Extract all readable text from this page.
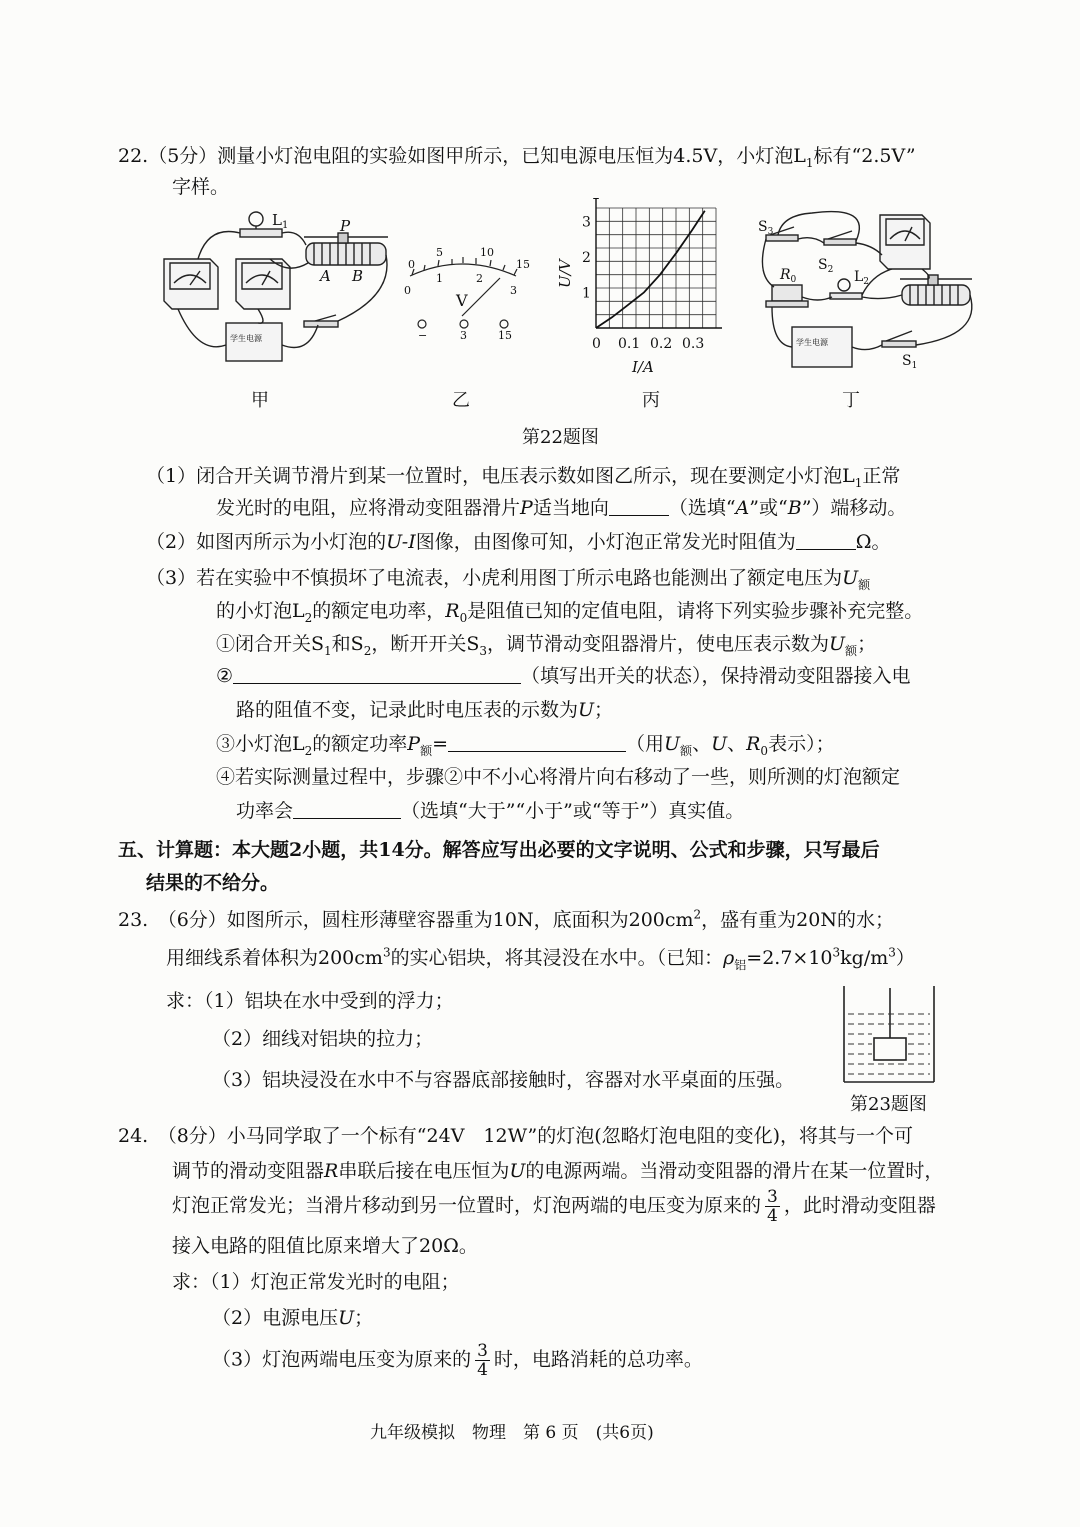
22.（5分）测量小灯泡电阻的实验如图甲所示，已知电源电压恒为4.5V，小灯泡$L_1$标有“2.5V”
字样。
$L_1$	P
A B
学生电源
0
1	2
3
0
5	10
15
−	3	15
V
0 0.1 0.2 0.3
1
2
3
U/V
I/A
$S_3$
$S_2$
$R_0$	$L_2$
$S_1$
学生电源
甲	乙	丙	丁
第22题图
（1）闭合开关调节滑片到某一位置时，电压表示数如图乙所示，现在要测定小灯泡$L_1$正常
发光时的电阻，应将滑动变阻器滑片P适当地向	（选填“A”或“B”）端移动。
（2）如图丙所示为小灯泡的U-I图像，由图像可知，小灯泡正常发光时阻值为	Ω。
（3）若在实验中不慎损坏了电流表，小虎利用图丁所示电路也能测出了额定电压为$U_额$
的小灯泡$L_2$的额定电功率，$R_0$是阻值已知的定值电阻，请将下列实验步骤补充完整。
①闭合开关$S_1$和$S_2$，断开开关$S_3$，调节滑动变阻器滑片，使电压表示数为$U_额$；
②	（填写出开关的状态），保持滑动变阻器接入电
路的阻值不变，记录此时电压表的示数为U；
③小灯泡$L_2$的额定功率$P_额=$	（用$U_额$、U、$R_0$表示）；
④若实际测量过程中，步骤②中不小心将滑片向右移动了一些，则所测的灯泡额定
功率会	（选填“大于”“小于”或“等于”）真实值。
五、计算题：本大题2小题，共14分。解答应写出必要的文字说明、公式和步骤，只写最后
结果的不给分。
23.　（6分）如图所示，圆柱形薄壁容器重为10N，底面积为$200cm^2$，盛有重为20N的水；
用细线系着体积为$200cm^3$的实心铝块，将其浸没在水中。（已知：$\rho_铝=2.7\times 10^3kg/m^3$）
求：（1）铝块在水中受到的浮力；
（2）细线对铝块的拉力；
（3）铝块浸没在水中不与容器底部接触时，容器对水平桌面的压强。
第23题图
24.　（8分）小马同学取了一个标有“24V　12W”的灯泡(忽略灯泡电阻的变化)，将其与一个可
调节的滑动变阻器R串联后接在电压恒为U的电源两端。当滑动变阻器的滑片在某一位置时，
灯泡正常发光；当滑片移动到另一位置时，灯泡两端的电压变为原来的 $\frac{3}{4}$ ，此时滑动变阻器
接入电路的阻值比原来增大了20Ω。
求：（1）灯泡正常发光时的电阻；
（2）电源电压U；
（3）灯泡两端电压变为原来的 $\frac{3}{4}$ 时，电路消耗的总功率。
九年级模拟　物理　第 6 页　(共6页)
